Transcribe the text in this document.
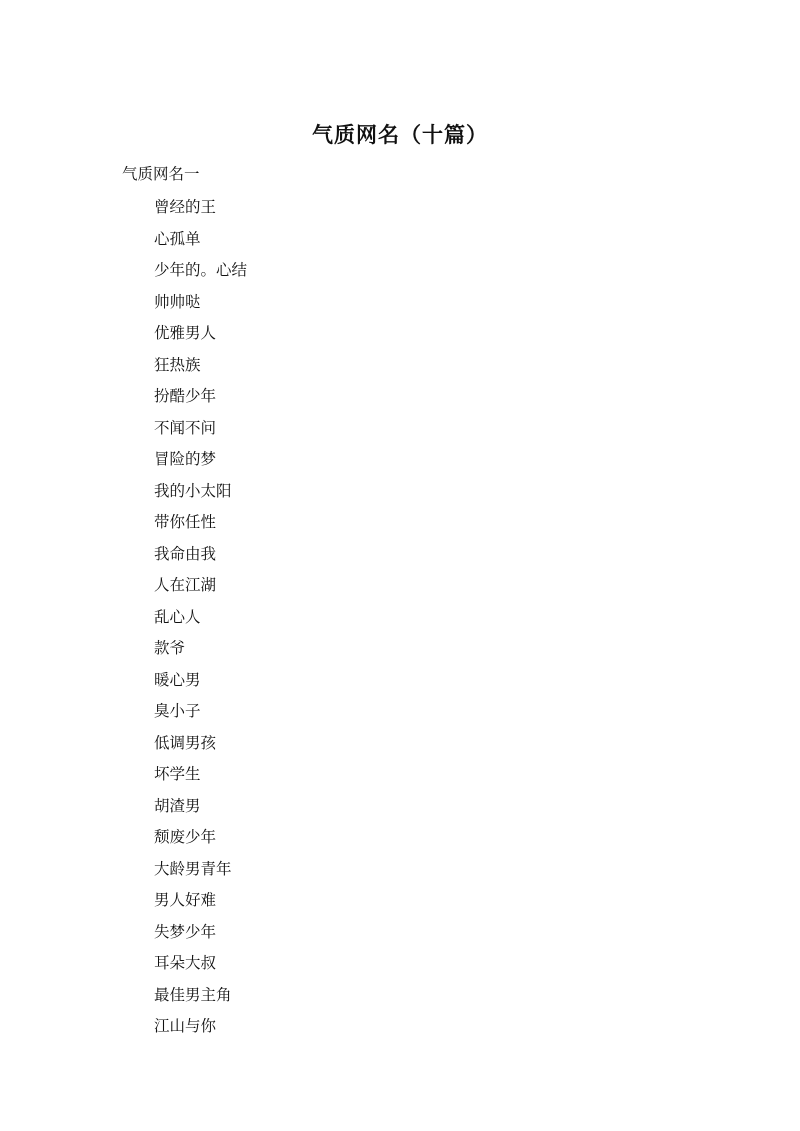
气质网名（十篇）
气质网名一
曾经的王
心孤单
少年的。心结
帅帅哒
优雅男人
狂热族
扮酷少年
不闻不问
冒险的梦
我的小太阳
带你任性
我命由我
人在江湖
乱心人
款爷
暖心男
臭小子
低调男孩
坏学生
胡渣男
颓废少年
大龄男青年
男人好难
失梦少年
耳朵大叔
最佳男主角
江山与你
